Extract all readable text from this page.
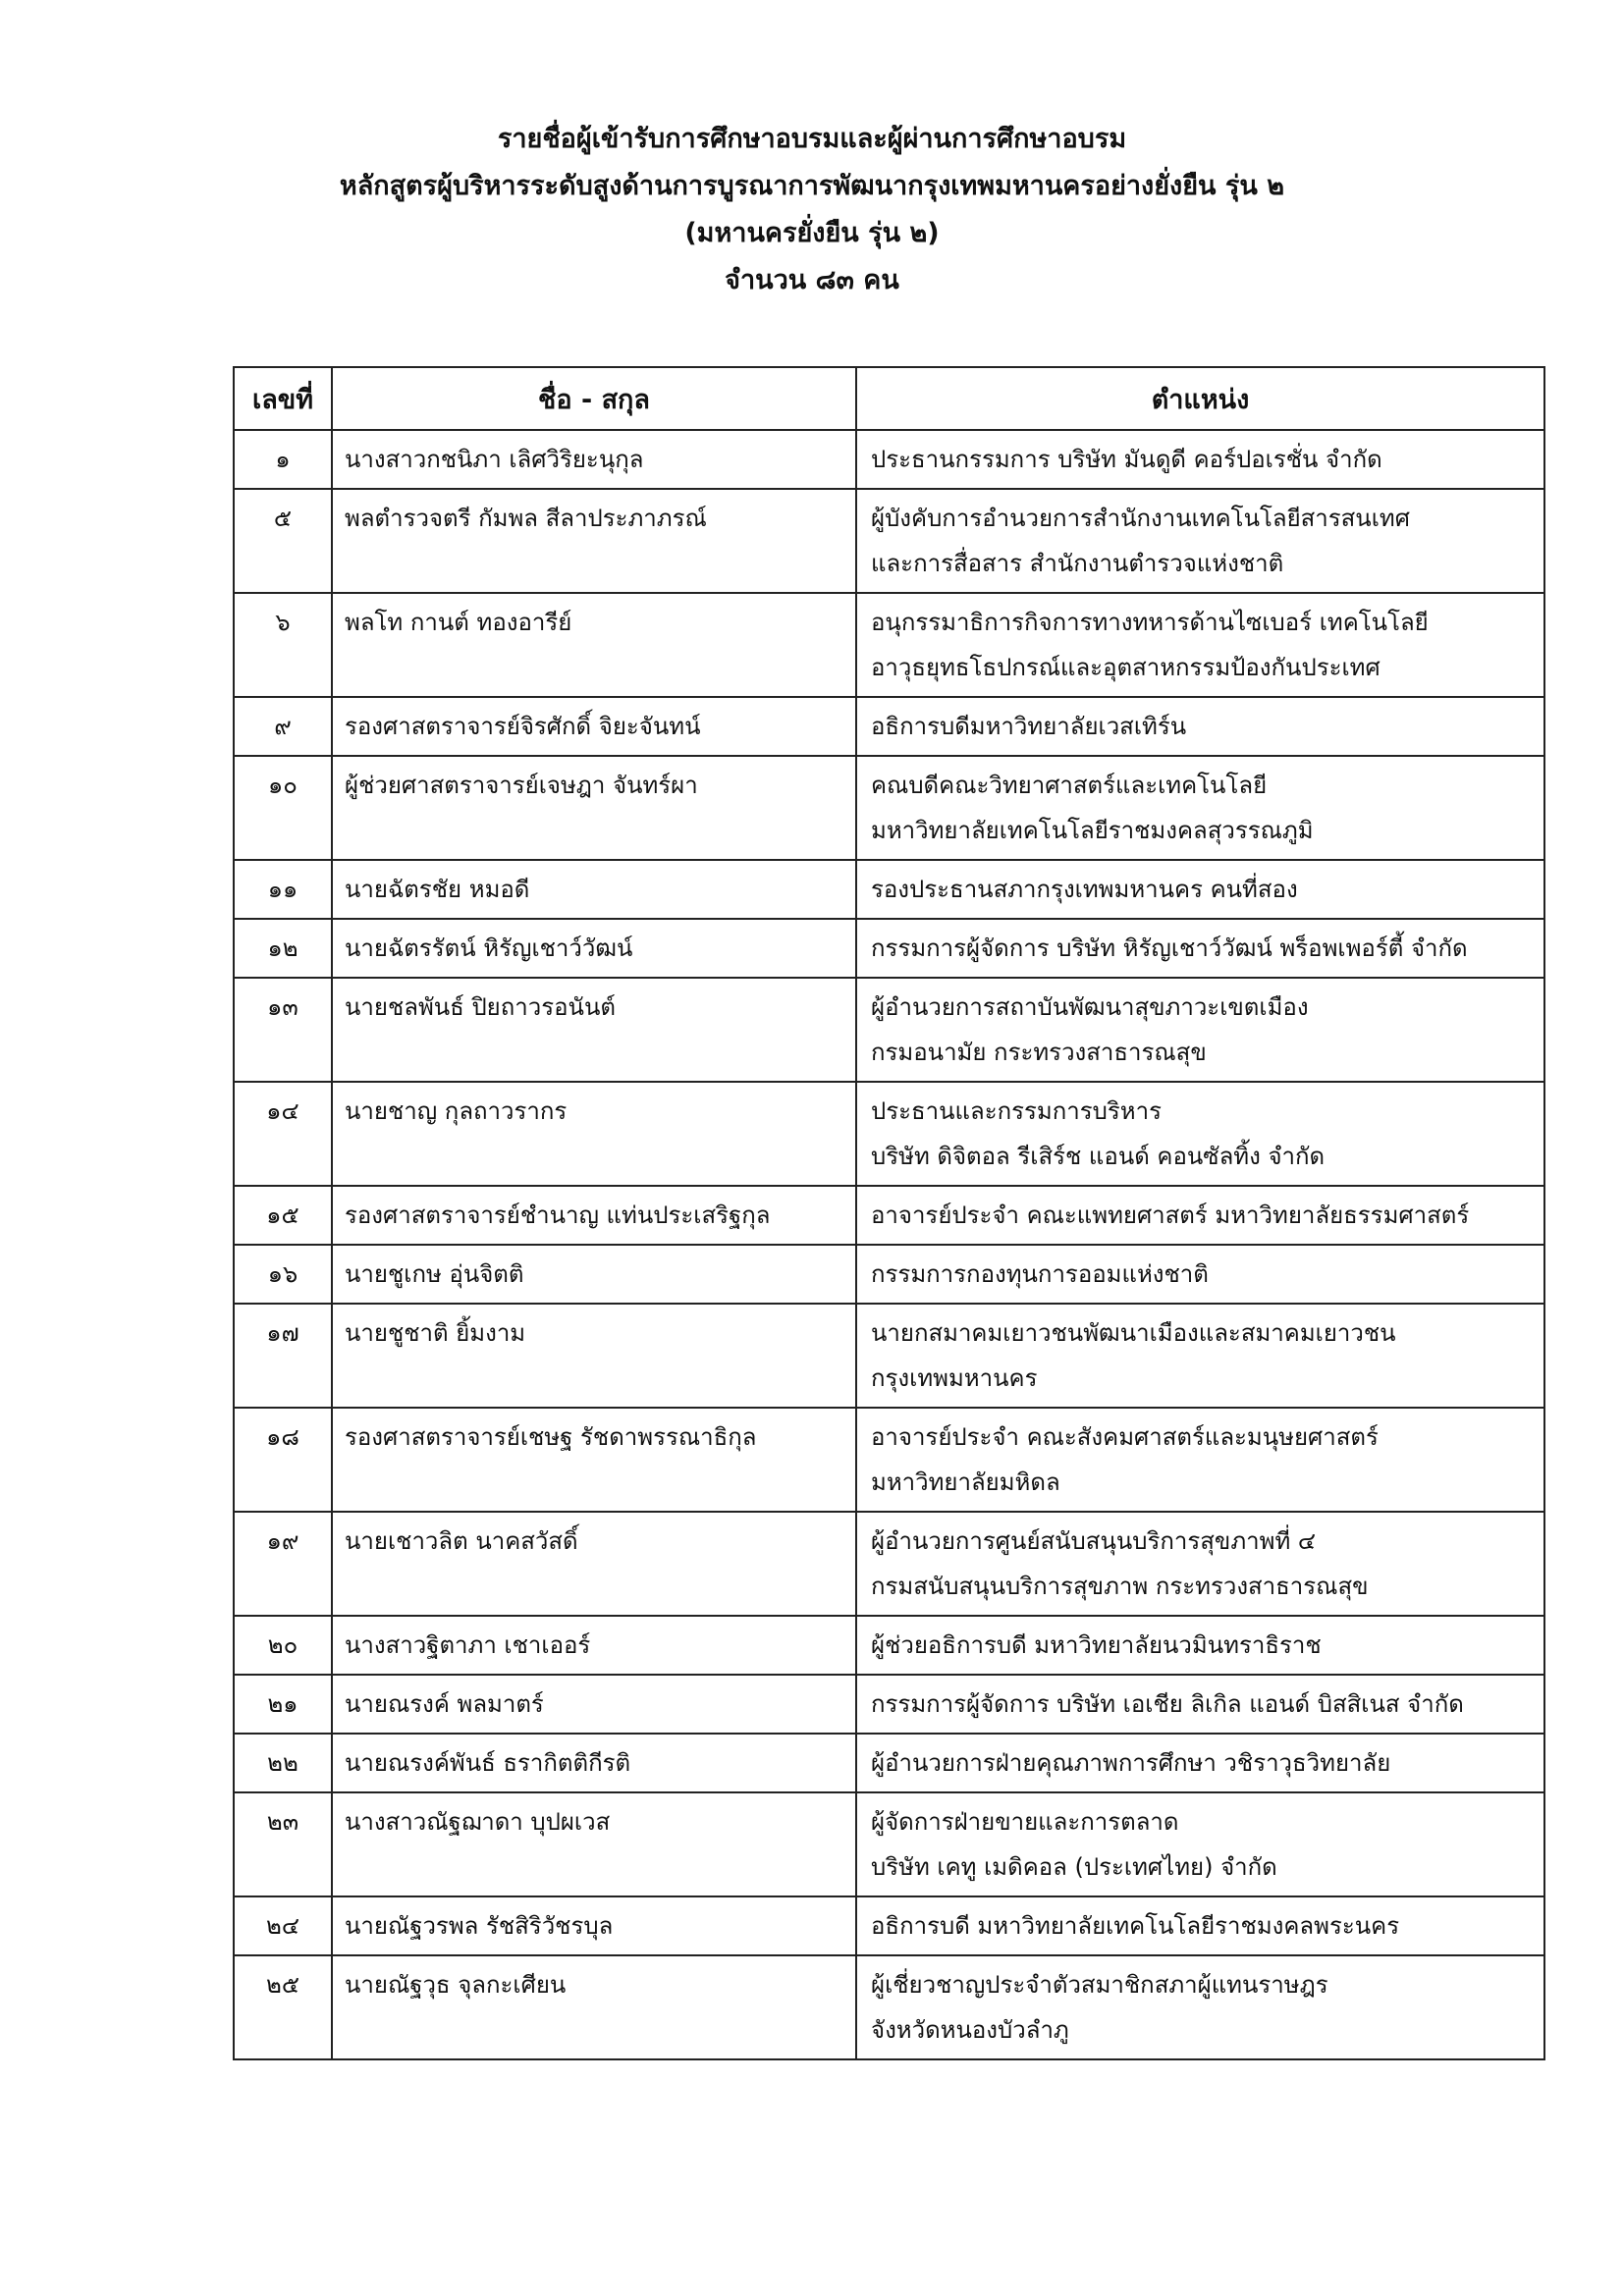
รายชื่อผู้เข้ารับการศึกษาอบรมและผู้ผ่านการศึกษาอบรม
หลักสูตรผู้บริหารระดับสูงด้านการบูรณาการพัฒนากรุงเทพมหานครอย่างยั่งยืน รุ่น ๒
(มหานครยั่งยืน รุ่น ๒)
จำนวน ๘๓ คน
เลขที่	ชื่อ - สกุล	ตำแหน่ง
๑	นางสาวกชนิภา เลิศวิริยะนุกุล	ประธานกรรมการ บริษัท มันดูดี คอร์ปอเรชั่น จำกัด

๕	พลตำรวจตรี กัมพล สีลาประภาภรณ์	ผู้บังคับการอำนวยการสำนักงานเทคโนโลยีสารสนเทศ
และการสื่อสาร สำนักงานตำรวจแห่งชาติ

๖	พลโท กานต์ ทองอารีย์	อนุกรรมาธิการกิจการทางทหารด้านไซเบอร์ เทคโนโลยี
อาวุธยุทธโธปกรณ์และอุตสาหกรรมป้องกันประเทศ

๙	รองศาสตราจารย์จิรศักดิ์ จิยะจันทน์	อธิการบดีมหาวิทยาลัยเวสเทิร์น

๑๐	ผู้ช่วยศาสตราจารย์เจษฎา จันทร์ผา	คณบดีคณะวิทยาศาสตร์และเทคโนโลยี
มหาวิทยาลัยเทคโนโลยีราชมงคลสุวรรณภูมิ

๑๑	นายฉัตรชัย หมอดี	รองประธานสภากรุงเทพมหานคร คนที่สอง

๑๒	นายฉัตรรัตน์ หิรัญเชาว์วัฒน์	กรรมการผู้จัดการ บริษัท หิรัญเชาว์วัฒน์ พร็อพเพอร์ตี้ จำกัด

๑๓	นายชลพันธ์ ปิยถาวรอนันต์	ผู้อำนวยการสถาบันพัฒนาสุขภาวะเขตเมือง
กรมอนามัย กระทรวงสาธารณสุข

๑๔	นายชาญ กุลถาวรากร	ประธานและกรรมการบริหาร
บริษัท ดิจิตอล รีเสิร์ช แอนด์ คอนซัลทิ้ง จำกัด

๑๕	รองศาสตราจารย์ชำนาญ แท่นประเสริฐกุล	อาจารย์ประจำ คณะแพทยศาสตร์ มหาวิทยาลัยธรรมศาสตร์

๑๖	นายชูเกษ อุ่นจิตติ	กรรมการกองทุนการออมแห่งชาติ

๑๗	นายชูชาติ ยิ้มงาม	นายกสมาคมเยาวชนพัฒนาเมืองและสมาคมเยาวชน
กรุงเทพมหานคร

๑๘	รองศาสตราจารย์เชษฐ รัชดาพรรณาธิกุล	อาจารย์ประจำ คณะสังคมศาสตร์และมนุษยศาสตร์
มหาวิทยาลัยมหิดล

๑๙	นายเชาวลิต นาคสวัสดิ์	ผู้อำนวยการศูนย์สนับสนุนบริการสุขภาพที่ ๔
กรมสนับสนุนบริการสุขภาพ กระทรวงสาธารณสุข

๒๐	นางสาวฐิตาภา เชาเออร์	ผู้ช่วยอธิการบดี มหาวิทยาลัยนวมินทราธิราช

๒๑	นายณรงค์ พลมาตร์	กรรมการผู้จัดการ บริษัท เอเชีย ลิเกิล แอนด์ บิสสิเนส จำกัด

๒๒	นายณรงค์พันธ์ ธรากิตติกีรติ	ผู้อำนวยการฝ่ายคุณภาพการศึกษา วชิราวุธวิทยาลัย

๒๓	นางสาวณัฐฌาดา บุปผเวส	ผู้จัดการฝ่ายขายและการตลาด
บริษัท เคทู เมดิคอล (ประเทศไทย) จำกัด

๒๔	นายณัฐวรพล รัชสิริวัชรบุล	อธิการบดี มหาวิทยาลัยเทคโนโลยีราชมงคลพระนคร

๒๕	นายณัฐวุธ จุลกะเศียน	ผู้เชี่ยวชาญประจำตัวสมาชิกสภาผู้แทนราษฎร
จังหวัดหนองบัวลำภู
